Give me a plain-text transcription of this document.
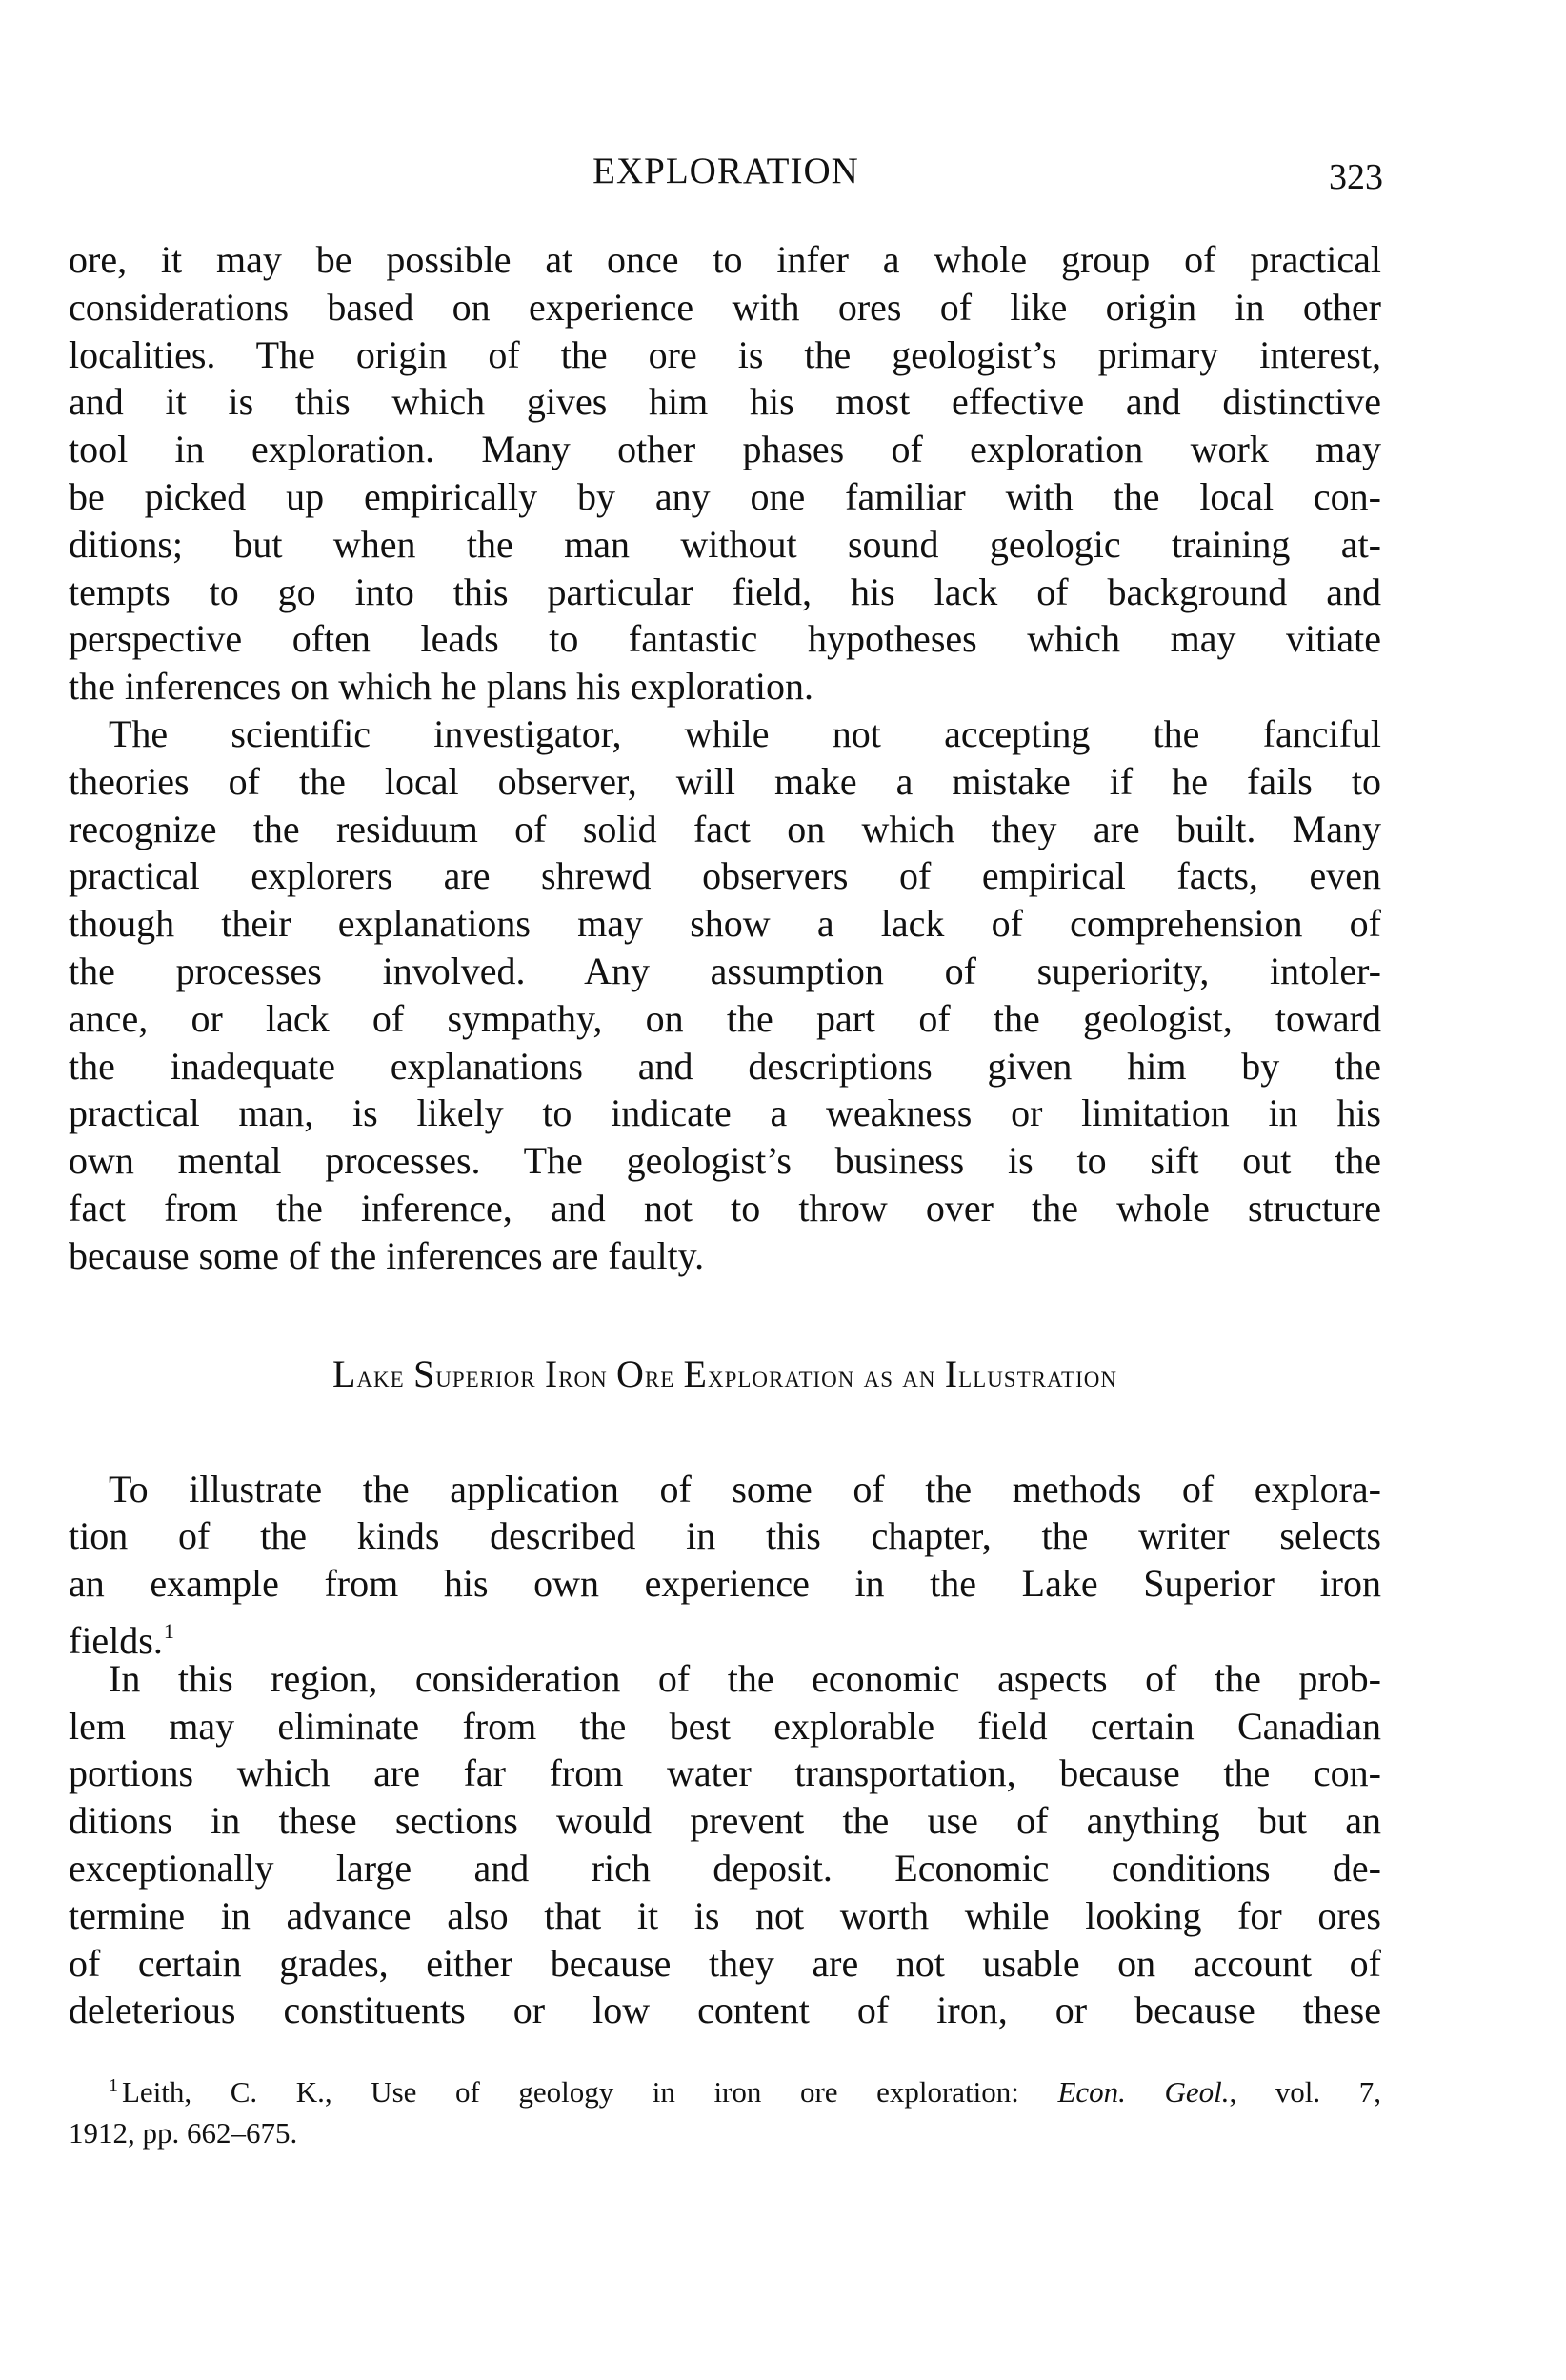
EXPLORATION	323

ore, it may be possible at once to infer a whole group of practical
considerations based on experience with ores of like origin in other
localities. The origin of the ore is the geologist’s primary interest,
and it is this which gives him his most effective and distinctive
tool in exploration. Many other phases of exploration work may
be picked up empirically by any one familiar with the local con-
ditions; but when the man without sound geologic training at-
tempts to go into this particular field, his lack of background and
perspective often leads to fantastic hypotheses which may vitiate
the inferences on which he plans his exploration.

The scientific investigator, while not accepting the fanciful
theories of the local observer, will make a mistake if he fails to
recognize the residuum of solid fact on which they are built. Many
practical explorers are shrewd observers of empirical facts, even
though their explanations may show a lack of comprehension of
the processes involved. Any assumption of superiority, intoler-
ance, or lack of sympathy, on the part of the geologist, toward
the inadequate explanations and descriptions given him by the
practical man, is likely to indicate a weakness or limitation in his
own mental processes. The geologist’s business is to sift out the
fact from the inference, and not to throw over the whole structure
because some of the inferences are faulty.

Lake Superior Iron Ore Exploration as an Illustration

To illustrate the application of some of the methods of explora-
tion of the kinds described in this chapter, the writer selects
an example from his own experience in the Lake Superior iron
fields.$^1$

In this region, consideration of the economic aspects of the prob-
lem may eliminate from the best explorable field certain Canadian
portions which are far from water transportation, because the con-
ditions in these sections would prevent the use of anything but an
exceptionally large and rich deposit. Economic conditions de-
termine in advance also that it is not worth while looking for ores
of certain grades, either because they are not usable on account of
deleterious constituents or low content of iron, or because these

$^1$ Leith, C. K., Use of geology in iron ore exploration: Econ. Geol., vol. 7,
1912, pp. 662–675.
